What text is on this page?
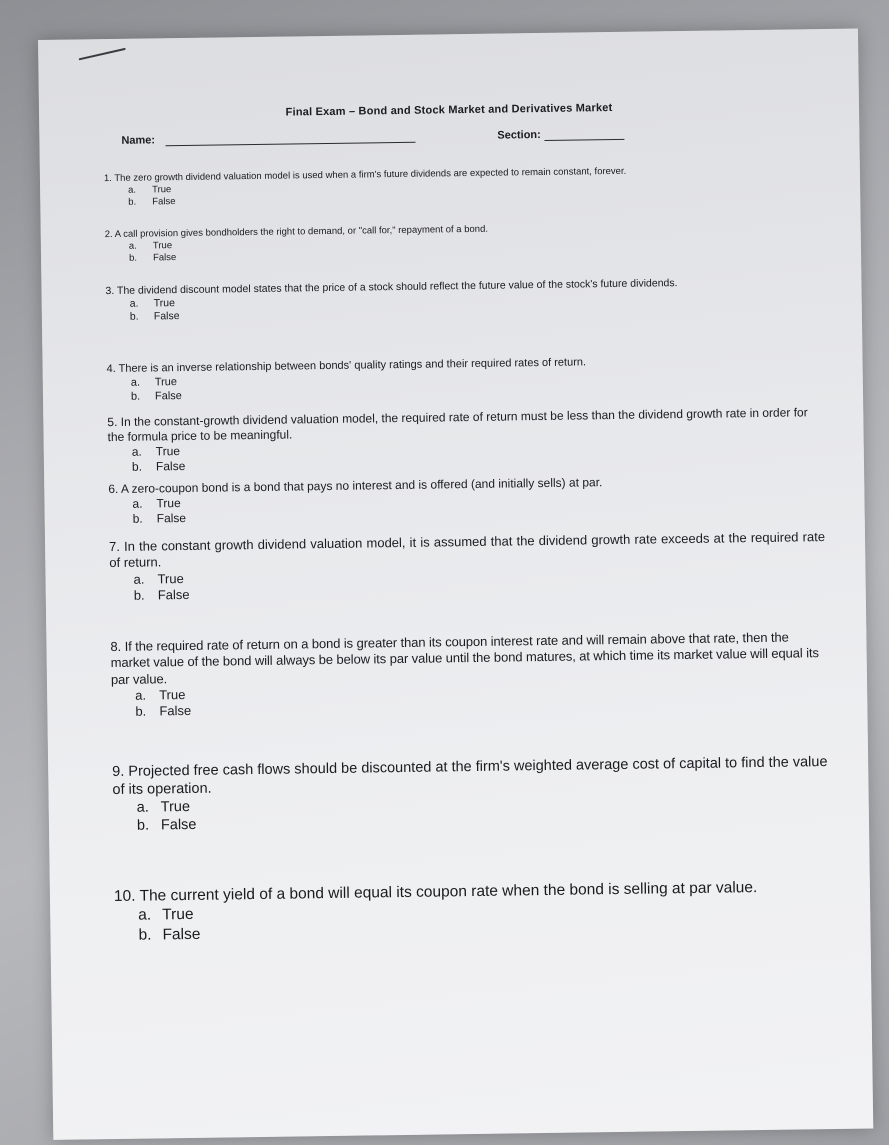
Final Exam – Bond and Stock Market and Derivatives Market
Name:	Section:

1. The zero growth dividend valuation model is used when a firm's future dividends are expected to remain constant, forever.

a. True

b. False

2. A call provision gives bondholders the right to demand, or "call for," repayment of a bond.

a. True

b. False

3. The dividend discount model states that the price of a stock should reflect the future value of the stock's future dividends.

a. True

b. False

4. There is an inverse relationship between bonds' quality ratings and their required rates of return.

a. True

b. False

5. In the constant-growth dividend valuation model, the required rate of return must be less than the dividend growth rate in order for the formula price to be meaningful.

a. True

b. False

6. A zero-coupon bond is a bond that pays no interest and is offered (and initially sells) at par.

a. True

b. False

7. In the constant growth dividend valuation model, it is assumed that the dividend growth rate exceeds at the required rate of return.

a. True

b. False

8. If the required rate of return on a bond is greater than its coupon interest rate and will remain above that rate, then the market value of the bond will always be below its par value until the bond matures, at which time its market value will equal its par value.

a. True

b. False

9. Projected free cash flows should be discounted at the firm's weighted average cost of capital to find the value of its operation.

a. True

b. False

10. The current yield of a bond will equal its coupon rate when the bond is selling at par value.

a. True

b. False
